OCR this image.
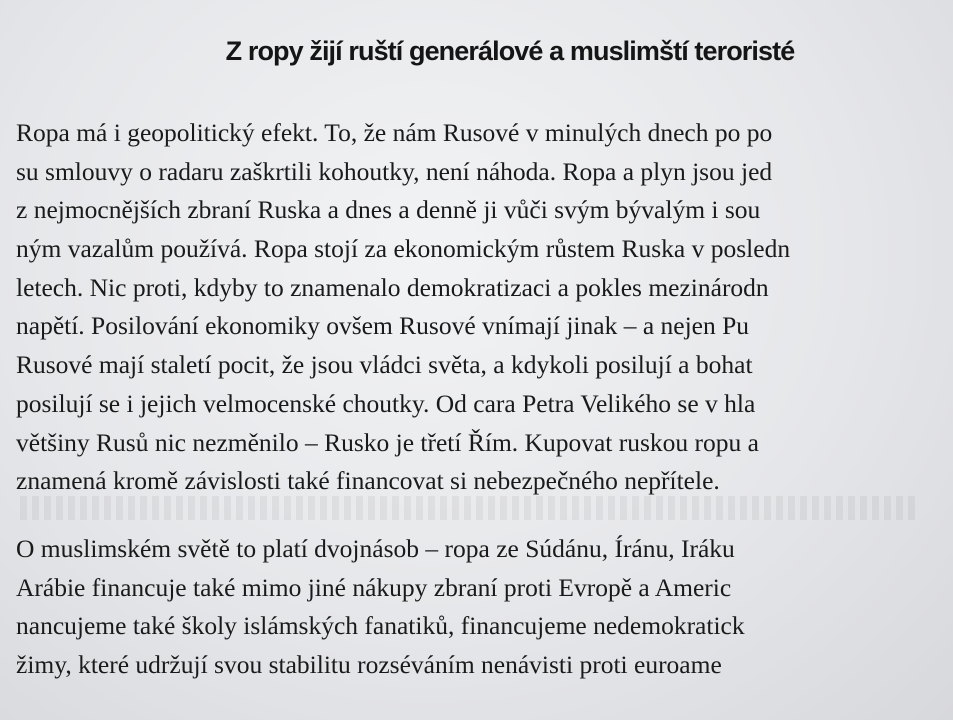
Z ropy žijí ruští generálové a muslimští teroristé

Ropa má i geopolitický efekt. To, že nám Rusové v minulých dnech po po
su smlouvy o radaru zaškrtili kohoutky, není náhoda. Ropa a plyn jsou jed
z nejmocnějších zbraní Ruska a dnes a denně ji vůči svým bývalým i sou
ným vazalům používá. Ropa stojí za ekonomickým růstem Ruska v posledn
letech. Nic proti, kdyby to znamenalo demokratizaci a pokles mezinárodn
napětí. Posilování ekonomiky ovšem Rusové vnímají jinak – a nejen Pu
Rusové mají staletí pocit, že jsou vládci světa, a kdykoli posilují a bohat
posilují se i jejich velmocenské choutky. Od cara Petra Velikého se v hla
většiny Rusů nic nezměnilo – Rusko je třetí Řím. Kupovat ruskou ropu a
znamená kromě závislosti také financovat si nebezpečného nepřítele.

O muslimském světě to platí dvojnásob – ropa ze Súdánu, Íránu, Iráku
Arábie financuje také mimo jiné nákupy zbraní proti Evropě a Americ
nancujeme také školy islámských fanatiků, financujeme nedemokratick
žimy, které udržují svou stabilitu rozséváním nenávisti proti euroame
